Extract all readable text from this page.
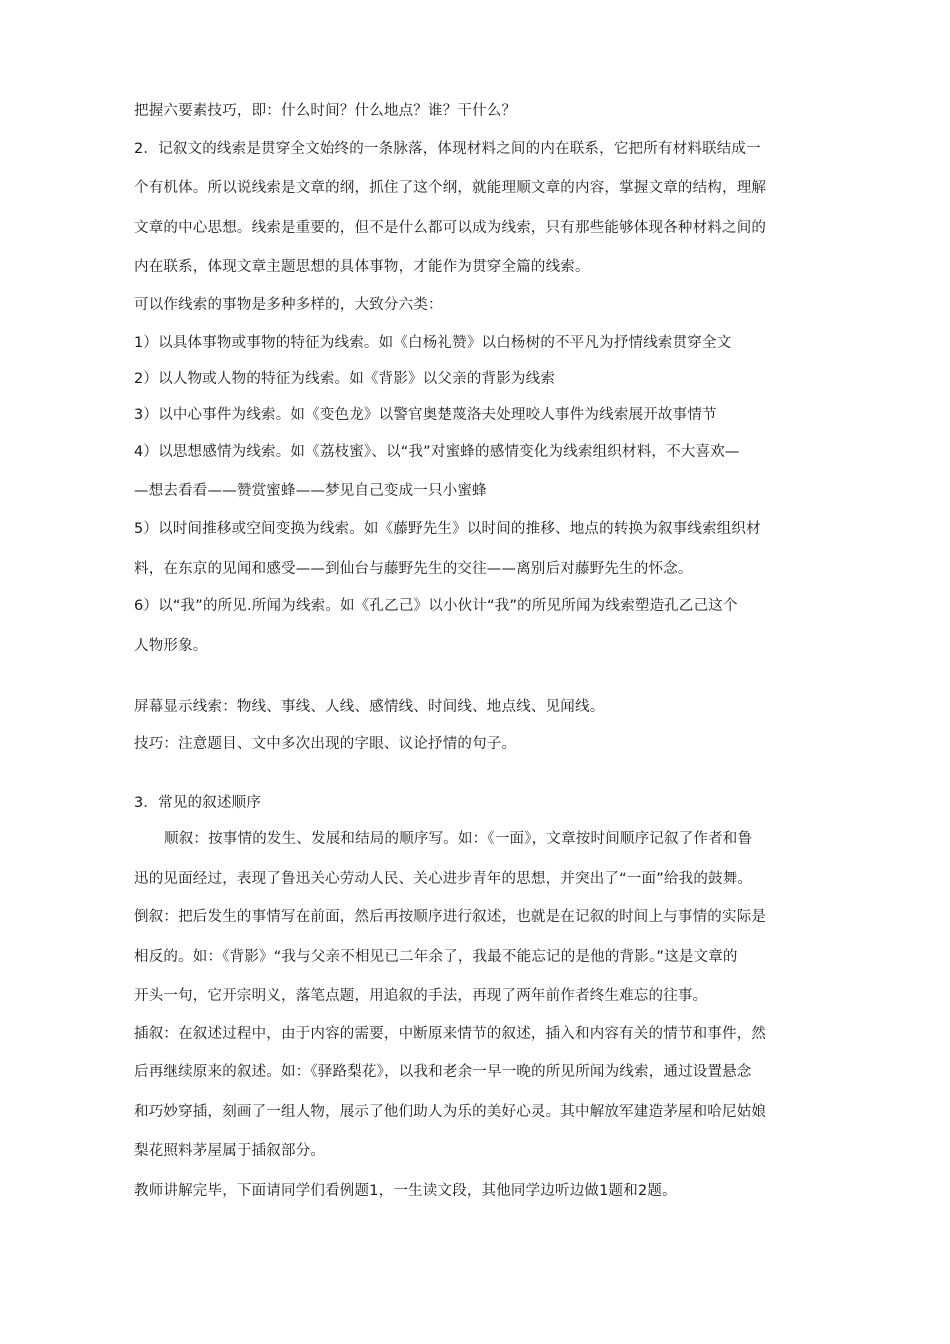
把握六要素技巧，即：什么时间？什么地点？谁？干什么？
2．记叙文的线索是贯穿全文始终的一条脉落，体现材料之间的内在联系，它把所有材料联结成一
个有机体。所以说线索是文章的纲，抓住了这个纲，就能理顺文章的内容，掌握文章的结构，理解
文章的中心思想。线索是重要的，但不是什么都可以成为线索，只有那些能够体现各种材料之间的
内在联系，体现文章主题思想的具体事物，才能作为贯穿全篇的线索。
可以作线索的事物是多种多样的，大致分六类：
1）以具体事物或事物的特征为线索。如《白杨礼赞》以白杨树的不平凡为抒情线索贯穿全文
2）以人物或人物的特征为线索。如《背影》以父亲的背影为线索
3）以中心事件为线索。如《变色龙》以警官奥楚蔑洛夫处理咬人事件为线索展开故事情节
4）以思想感情为线索。如《荔枝蜜》、以“我”对蜜蜂的感情变化为线索组织材料，不大喜欢—
—想去看看——赞赏蜜蜂——梦见自己变成一只小蜜蜂
5）以时间推移或空间变换为线索。如《藤野先生》以时间的推移、地点的转换为叙事线索组织材
料，在东京的见闻和感受——到仙台与藤野先生的交往——离别后对藤野先生的怀念。
6）以“我”的所见.所闻为线索。如《孔乙己》以小伙计“我”的所见所闻为线索塑造孔乙己这个
人物形象。
屏幕显示线索：物线、事线、人线、感情线、时间线、地点线、见闻线。
技巧：注意题目、文中多次出现的字眼、议论抒情的句子。
3．常见的叙述顺序
顺叙：按事情的发生、发展和结局的顺序写。如：《一面》，文章按时间顺序记叙了作者和鲁
迅的见面经过，表现了鲁迅关心劳动人民、关心进步青年的思想，并突出了“一面”给我的鼓舞。
倒叙：把后发生的事情写在前面，然后再按顺序进行叙述，也就是在记叙的时间上与事情的实际是
相反的。如：《背影》“我与父亲不相见已二年余了，我最不能忘记的是他的背影。”这是文章的
开头一句，它开宗明义，落笔点题，用追叙的手法，再现了两年前作者终生难忘的往事。
插叙：在叙述过程中，由于内容的需要，中断原来情节的叙述，插入和内容有关的情节和事件，然
后再继续原来的叙述。如：《驿路梨花》，以我和老余一早一晚的所见所闻为线索，通过设置悬念
和巧妙穿插，刻画了一组人物，展示了他们助人为乐的美好心灵。其中解放军建造茅屋和哈尼姑娘
梨花照料茅屋属于插叙部分。
教师讲解完毕，下面请同学们看例题1，一生读文段，其他同学边听边做1题和2题。
